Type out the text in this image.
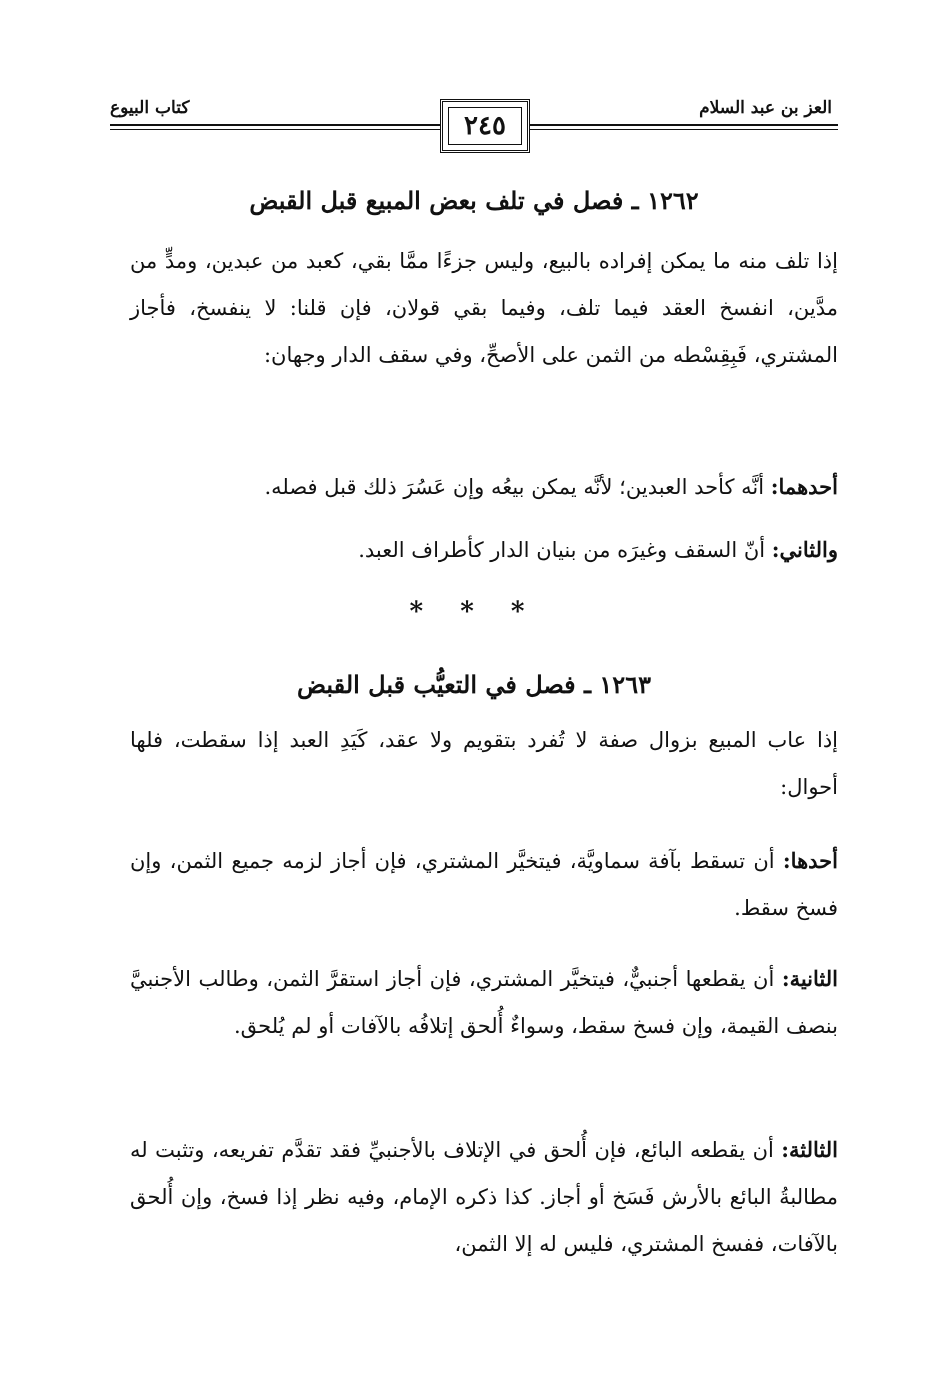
العز بن عبد السلام
كتاب البيوع
٢٤٥
١٢٦٢ ـ فصل في تلف بعض المبيع قبل القبض

إذا تلف منه ما يمكن إفراده بالبيع، وليس جزءًا ممَّا بقي، كعبد من عبدين، ومدٍّ من مدَّين، انفسخ العقد فيما تلف، وفيما بقي قولان، فإن قلنا: لا ينفسخ، فأجاز المشتري، فَبِقِسْطه من الثمن على الأصحِّ، وفي سقف الدار وجهان:

أحدهما: أنَّه كأحد العبدين؛ لأنَّه يمكن بيعُه وإن عَسُرَ ذلك قبل فصله.

والثاني: أنّ السقف وغيرَه من بنيان الدار كأطراف العبد.

* * *
١٢٦٣ ـ فصل في التعيُّب قبل القبض

إذا عاب المبيع بزوال صفة لا تُفرد بتقويم ولا عقد، كَيَدِ العبد إذا سقطت، فلها أحوال:

أحدها: أن تسقط بآفة سماويَّة، فيتخيَّر المشتري، فإن أجاز لزمه جميع الثمن، وإن فسخ سقط.

الثانية: أن يقطعها أجنبيٌّ، فيتخيَّر المشتري، فإن أجاز استقرَّ الثمن، وطالب الأجنبيَّ بنصف القيمة، وإن فسخ سقط، وسواءٌ أُلحق إتلافُه بالآفات أو لم يُلحق.

الثالثة: أن يقطعه البائع، فإن أُلحق في الإتلاف بالأجنبيِّ فقد تقدَّم تفريعه، وتثبت له مطالبةُ البائع بالأرش فَسَخ أو أجاز. كذا ذكره الإمام، وفيه نظر إذا فسخ، وإن أُلحق بالآفات، ففسخ المشتري، فليس له إلا الثمن،
